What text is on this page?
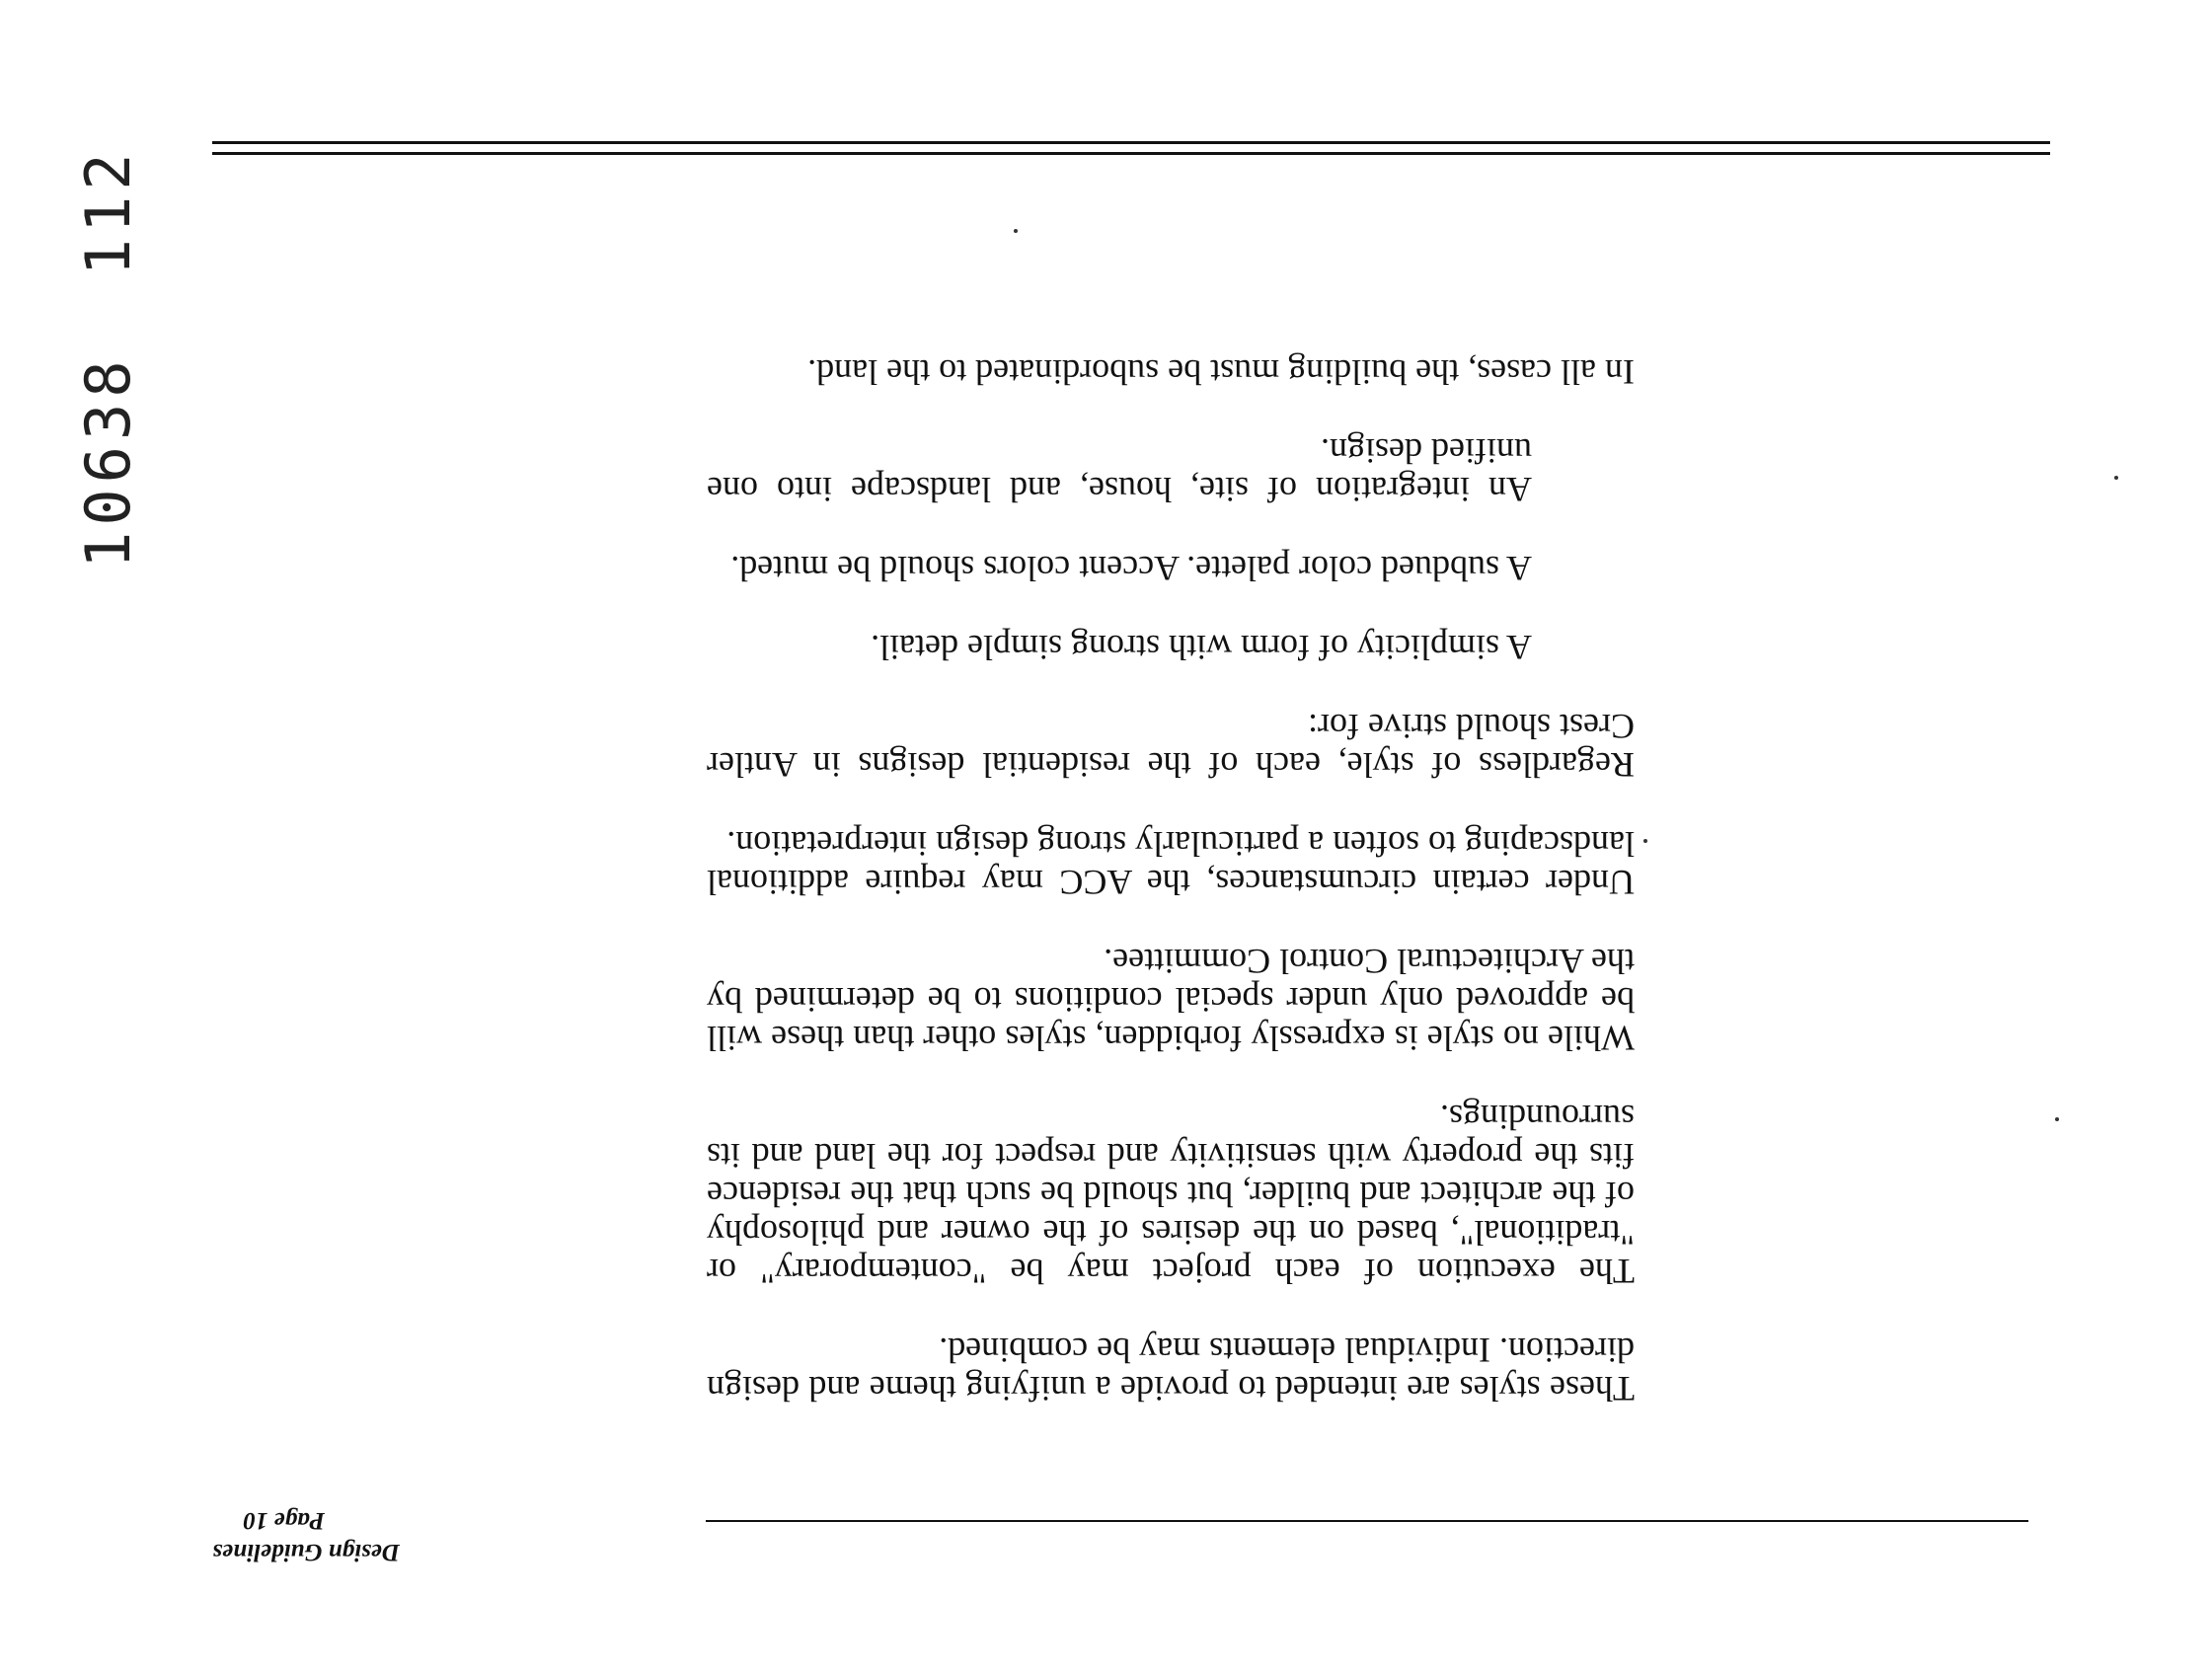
These styles are intended to provide a unifying theme and design direction. Individual elements may be combined.

The execution of each project may be "contemporary" or "traditional", based on the desires of the owner and philosophy of the architect and builder, but should be such that the residence fits the property with sensitivity and respect for the land and its surroundings.

While no style is expressly forbidden, styles other than these will be approved only under special conditions to be determined by the Architectural Control Committee.

Under certain circumstances, the ACC may require additional landscaping to soften a particularly strong design interpretation.

Regardless of style, each of the residential designs in Antler Crest should strive for:

A simplicity of form with strong simple detail.

A subdued color palette. Accent colors should be muted.

An integration of site, house, and landscape into one unified design.

In all cases, the building must be subordinated to the land.

Design Guidelines
Page 10
10638112
